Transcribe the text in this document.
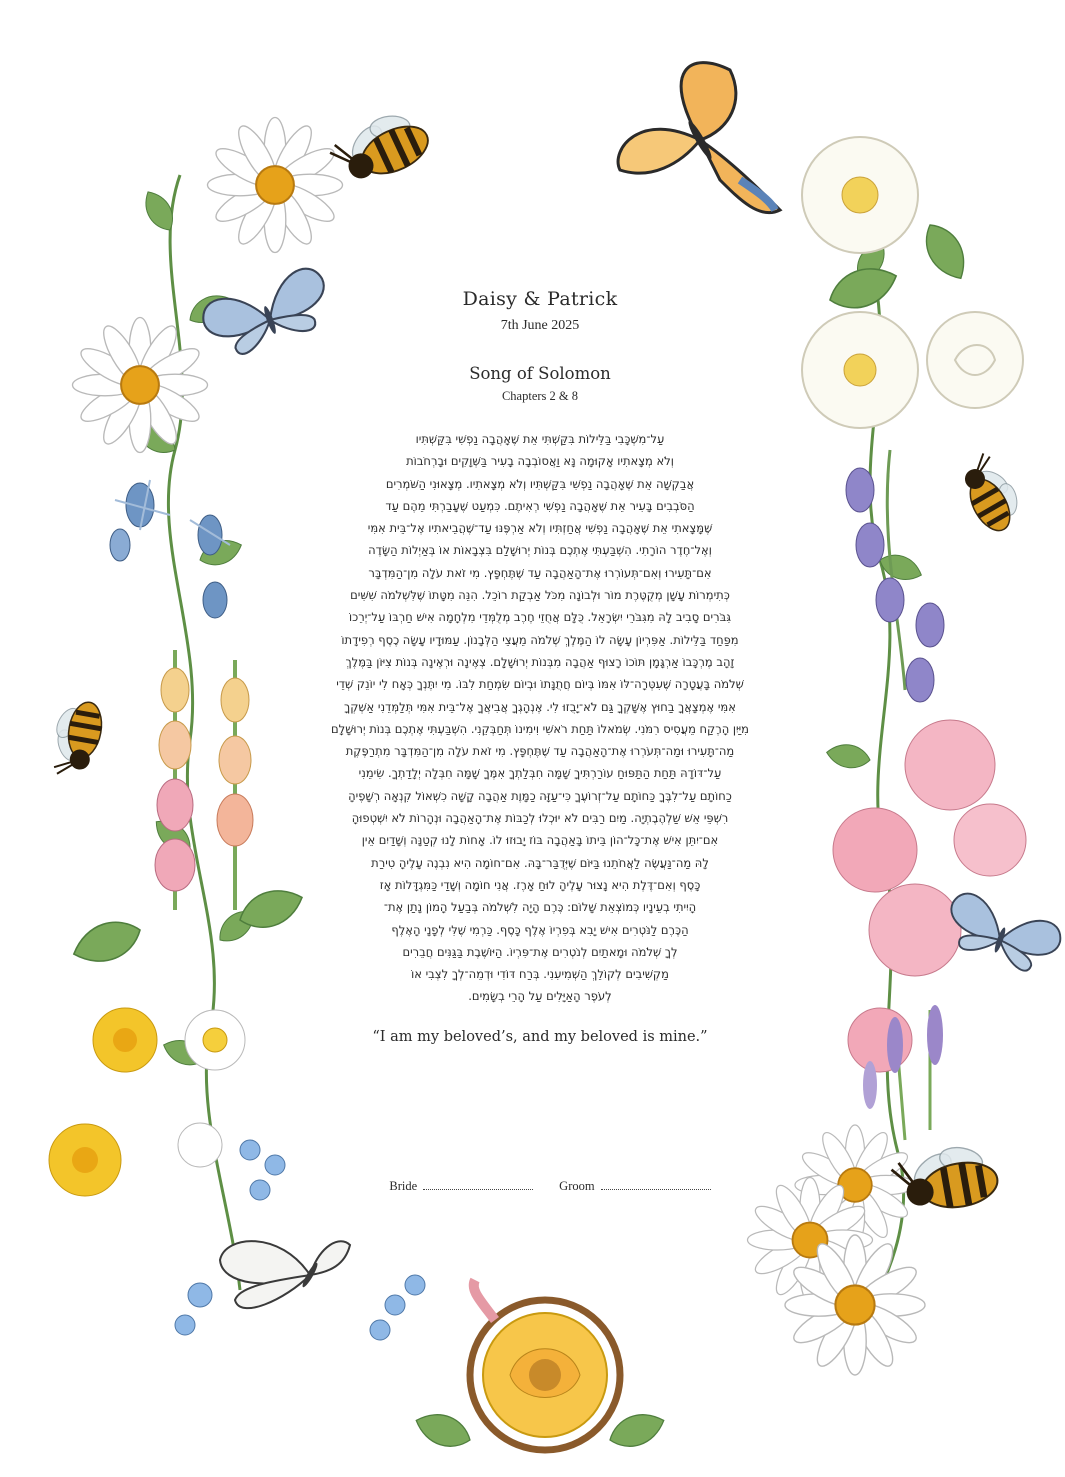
Daisy & Patrick

7th June 2025

Song of Solomon

Chapters 2 & 8

עַל־מִשְׁכָּבִי בַּלֵּילוֹת בִּקַּשְׁתִּי אֵת שֶׁאָהֲבָה נַפְשִׁי בִּקַּשְׁתִּיו
וְלֹא מְצָאתִיו אָקוּמָה נָּא וַאֲסוֹבְבָה בָעִיר בַּשְּׁוָקִים וּבָרְחֹבוֹת
אֲבַקְשָׁה אֵת שֶׁאָהֲבָה נַפְשִׁי בִּקַּשְׁתִּיו וְלֹא מְצָאתִיו. מְצָאוּנִי הַשֹּׁמְרִים
הַסֹּבְבִים בָּעִיר אֵת שֶׁאָהֲבָה נַפְשִׁי רְאִיתֶם. כִּמְעַט שֶׁעָבַרְתִּי מֵהֶם עַד
שֶׁמָּצָאתִי אֵת שֶׁאָהֲבָה נַפְשִׁי אֲחַזְתִּיו וְלֹא אַרְפֶּנּוּ עַד־שֶׁהֲבֵיאתִיו אֶל־בֵּית אִמִּי
וְאֶל־חֶדֶר הוֹרָתִי. הִשְׁבַּעְתִּי אֶתְכֶם בְּנוֹת יְרוּשָׁלִַם בִּצְבָאוֹת אוֹ בְּאַיְלוֹת הַשָּׂדֶה
אִם־תָּעִירוּ וְאִם־תְּעוֹרְרוּ אֶת־הָאַהֲבָה עַד שֶׁתֶּחְפָּץ. מִי זֹאת עֹלָה מִן־הַמִּדְבָּר
כְּתִימְרוֹת עָשָׁן מְקֻטֶּרֶת מוֹר וּלְבוֹנָה מִכֹּל אַבְקַת רוֹכֵל. הִנֵּה מִטָּתוֹ שֶׁלִּשְׁלֹמֹה שִׁשִּׁים
גִּבֹּרִים סָבִיב לָהּ מִגִּבֹּרֵי יִשְׂרָאֵל. כֻּלָּם אֲחֻזֵי חֶרֶב מְלֻמְּדֵי מִלְחָמָה אִישׁ חַרְבּוֹ עַל־יְרֵכוֹ
מִפַּחַד בַּלֵּילוֹת. אַפִּרְיוֹן עָשָׂה לוֹ הַמֶּלֶךְ שְׁלֹמֹה מֵעֲצֵי הַלְּבָנוֹן. עַמּוּדָיו עָשָׂה כֶסֶף רְפִידָתוֹ
זָהָב מֶרְכָּבוֹ אַרְגָּמָן תּוֹכוֹ רָצוּף אַהֲבָה מִבְּנוֹת יְרוּשָׁלָ‍ִם. צְאֶינָה וּרְאֶינָה בְּנוֹת צִיּוֹן בַּמֶּלֶךְ
שְׁלֹמֹה בָּעֲטָרָה שֶׁעִטְּרָה־לּוֹ אִמּוֹ בְּיוֹם חֲתֻנָּתוֹ וּבְיוֹם שִׂמְחַת לִבּוֹ. מִי יִתֶּנְךָ כְּאָח לִי יוֹנֵק שְׁדֵי
אִמִּי אֶמְצָאֲךָ בַחוּץ אֶשָּׁקְךָ גַּם לֹא־יָבֻזוּ לִי. אֶנְהָגְךָ אֲבִיאֲךָ אֶל־בֵּית אִמִּי תְּלַמְּדֵנִי אַשְׁקְךָ
מִיַּיִן הָרֶקַח מֵעֲסִיס רִמֹּנִי. שְׂמֹאלוֹ תַּחַת רֹאשִׁי וִימִינוֹ תְּחַבְּקֵנִי. הִשְׁבַּעְתִּי אֶתְכֶם בְּנוֹת יְרוּשָׁלִָם
מַה־תָּעִירוּ וּמַה־תְּעֹרְרוּ אֶת־הָאַהֲבָה עַד שֶׁתֶּחְפָּץ. מִי זֹאת עֹלָה מִן־הַמִּדְבָּר מִתְרַפֶּקֶת
עַל־דּוֹדָהּ תַּחַת הַתַּפּוּחַ עוֹרַרְתִּיךָ שָׁמָּה חִבְּלַתְךָ אִמֶּךָ שָׁמָּה חִבְּלָה יְלָדַתְךָ. שִׂימֵנִי
כַחוֹתָם עַל־לִבֶּךָ כַּחוֹתָם עַל־זְרוֹעֶךָ כִּי־עַזָּה כַמָּוֶת אַהֲבָה קָשָׁה כִשְׁאוֹל קִנְאָה רְשָׁפֶיהָ
רִשְׁפֵּי אֵשׁ שַׁלְהֶבֶתְיָה. מַיִם רַבִּים לֹא יוּכְלוּ לְכַבּוֹת אֶת־הָאַהֲבָה וּנְהָרוֹת לֹא יִשְׁטְפוּהָ
אִם־יִתֵּן אִישׁ אֶת־כָּל־הוֹן בֵּיתוֹ בָּאַהֲבָה בּוֹז יָבוּזוּ לוֹ. אָחוֹת לָנוּ קְטַנָּה וְשָׁדַיִם אֵין
לָהּ מַה־נַּעֲשֶׂה לַאֲחֹתֵנוּ בַּיּוֹם שֶׁיְּדֻבַּר־בָּהּ. אִם־חוֹמָה הִיא נִבְנֶה עָלֶיהָ טִירַת
כָּסֶף וְאִם־דֶּלֶת הִיא נָצוּר עָלֶיהָ לוּחַ אָרֶז. אֲנִי חוֹמָה וְשָׁדַי כַּמִּגְדָּלוֹת אָז
הָיִיתִי בְעֵינָיו כְּמוֹצְאֵת שָׁלוֹם: כֶּרֶם הָיָה לִשְׁלֹמֹה בְּבַעַל הָמוֹן נָתַן אֶת־
הַכֶּרֶם לַנֹּטְרִים אִישׁ יָבִא בְּפִרְיוֹ אֶלֶף כָּסֶף. כַּרְמִי שֶׁלִּי לְפָנָי הָאֶלֶף
לְךָ שְׁלֹמֹה וּמָאתַיִם לְנֹטְרִים אֶת־פִּרְיוֹ. הַיּוֹשֶׁבֶת בַּגַּנִּים חֲבֵרִים
מַקְשִׁיבִים לְקוֹלֵךְ הַשְׁמִיעִנִי. בְּרַח דּוֹדִי וּדְמֵה־לְךָ לִצְבִי אוֹ
לְעֹפֶר הָאַיָּלִים עַל הָרֵי בְשָׂמִים.

“I am my beloved’s, and my beloved is mine.”

Bride	Groom
